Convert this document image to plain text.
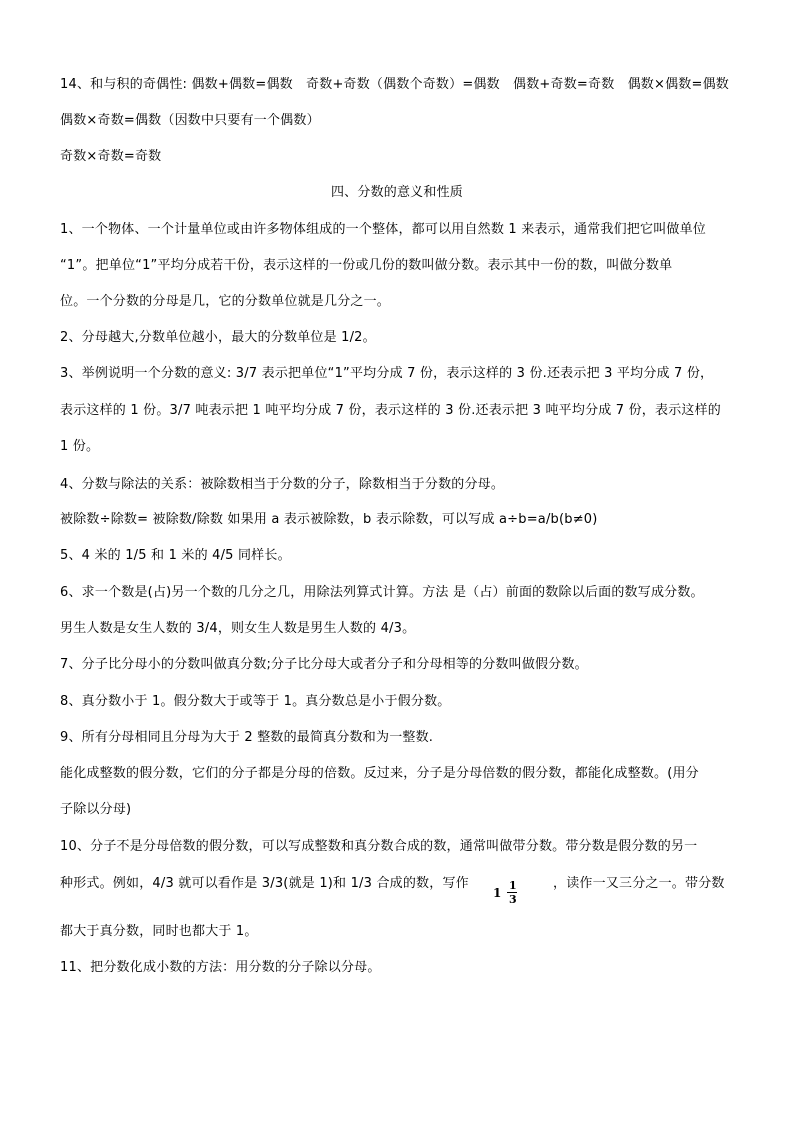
14、和与积的奇偶性: 偶数+偶数=偶数　奇数+奇数（偶数个奇数）=偶数　偶数+奇数=奇数　偶数×偶数=偶数
偶数×奇数=偶数（因数中只要有一个偶数）
奇数×奇数=奇数
四、分数的意义和性质
1、一个物体、一个计量单位或由许多物体组成的一个整体，都可以用自然数 1 来表示，通常我们把它叫做单位
“1”。把单位“1”平均分成若干份，表示这样的一份或几份的数叫做分数。表示其中一份的数，叫做分数单
位。一个分数的分母是几，它的分数单位就是几分之一。
2、分母越大,分数单位越小，最大的分数单位是 1/2。
3、举例说明一个分数的意义: 3/7 表示把单位“1”平均分成 7 份，表示这样的 3 份.还表示把 3 平均分成 7 份，
表示这样的 1 份。3/7 吨表示把 1 吨平均分成 7 份，表示这样的 3 份.还表示把 3 吨平均分成 7 份，表示这样的
1 份。
4、分数与除法的关系：被除数相当于分数的分子，除数相当于分数的分母。
被除数÷除数= 被除数/除数 如果用 a 表示被除数，b 表示除数，可以写成 a÷b=a/b(b≠0)
5、4 米的 1/5 和 1 米的 4/5 同样长。
6、求一个数是(占)另一个数的几分之几，用除法列算式计算。方法 是（占）前面的数除以后面的数写成分数。
男生人数是女生人数的 3/4，则女生人数是男生人数的 4/3。
7、分子比分母小的分数叫做真分数;分子比分母大或者分子和分母相等的分数叫做假分数。
8、真分数小于 1。假分数大于或等于 1。真分数总是小于假分数。
9、所有分母相同且分母为大于 2 整数的最简真分数和为一整数.
能化成整数的假分数，它们的分子都是分母的倍数。反过来，分子是分母倍数的假分数，都能化成整数。(用分
子除以分母)
10、分子不是分母倍数的假分数，可以写成整数和真分数合成的数，通常叫做带分数。带分数是假分数的另一
种形式。例如，4/3 就可以看作是 3/3(就是 1)和 1/3 合成的数，写作
1
1
3
，读作一又三分之一。带分数
都大于真分数，同时也都大于 1。
11、把分数化成小数的方法：用分数的分子除以分母。
